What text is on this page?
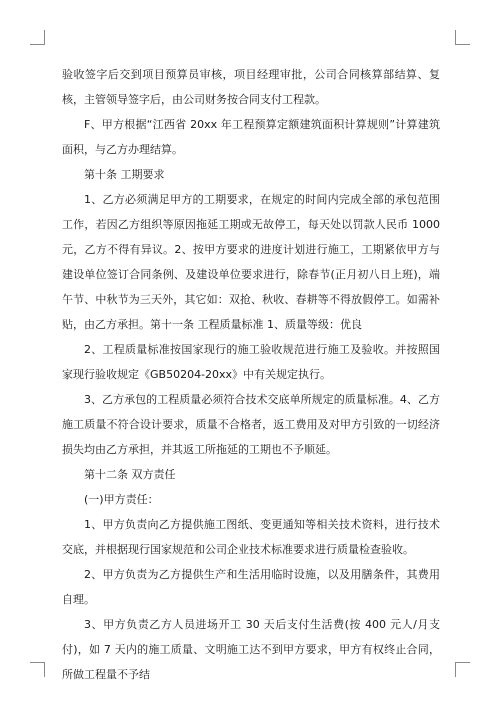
验收签字后交到项目预算员审核，项目经理审批，公司合同核算部结算、复核，主管领导签字后，由公司财务按合同支付工程款。

F、甲方根据“江西省 20xx 年工程预算定额建筑面积计算规则”计算建筑面积，与乙方办理结算。

第十条 工期要求

1、乙方必须满足甲方的工期要求，在规定的时间内完成全部的承包范围工作，若因乙方组织等原因拖延工期或无故停工，每天处以罚款人民币 1000 元，乙方不得有异议。2、按甲方要求的进度计划进行施工，工期紧依甲方与建设单位签订合同条例、及建设单位要求进行，除春节(正月初八日上班)，端午节、中秋节为三天外，其它如：双抢、秋收、春耕等不得放假停工。如需补贴，由乙方承担。第十一条 工程质量标准 1、质量等级：优良

2、工程质量标准按国家现行的施工验收规范进行施工及验收。并按照国家现行验收规定《GB50204-20xx》中有关规定执行。

3、乙方承包的工程质量必须符合技术交底单所规定的质量标准。4、乙方施工质量不符合设计要求，质量不合格者，返工费用及对甲方引致的一切经济损失均由乙方承担，并其返工所拖延的工期也不予顺延。

第十二条 双方责任

(一)甲方责任：

1、甲方负责向乙方提供施工图纸、变更通知等相关技术资料，进行技术交底，并根据现行国家规范和公司企业技术标准要求进行质量检查验收。

2、甲方负责为乙方提供生产和生活用临时设施，以及用膳条件，其费用自理。

3、甲方负责乙方人员进场开工 30 天后支付生活费(按 400 元人/月支付)，如 7 天内的施工质量、文明施工达不到甲方要求，甲方有权终止合同，所做工程量不予结
